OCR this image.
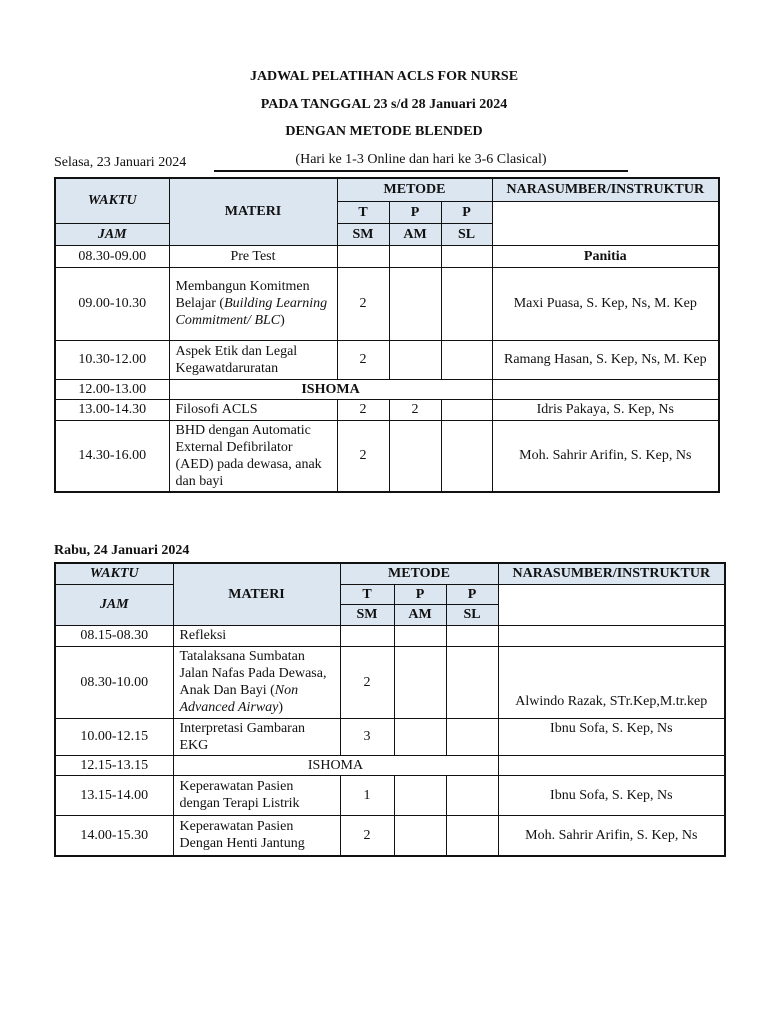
JADWAL PELATIHAN ACLS FOR NURSE
PADA TANGGAL 23 s/d 28 Januari 2024
DENGAN METODE BLENDED
Selasa, 23 Januari 2024	(Hari ke 1-3 Online dan hari ke 3-6 Clasical)
WAKTU	MATERI	METODE			NARASUMBER/INSTRUKTUR
		T	P	P	
JAM		SM	AM	SL	
08.30-09.00	Pre Test				Panitia
09.00-10.30	Membangun Komitmen Belajar (Building Learning Commitment/ BLC)	2			Maxi Puasa, S. Kep, Ns, M. Kep
10.30-12.00	Aspek Etik dan Legal Kegawatdaruratan	2			Ramang Hasan, S. Kep, Ns, M. Kep
12.00-13.00	ISHOMA				
13.00-14.30	Filosofi ACLS	2	2		Idris Pakaya, S. Kep, Ns
14.30-16.00	BHD dengan Automatic External Defibrilator (AED) pada dewasa, anak dan bayi	2			Moh. Sahrir Arifin, S. Kep, Ns
Rabu, 24 Januari 2024
WAKTU	MATERI	METODE			NARASUMBER/INSTRUKTUR
JAM		T	P	P	
		SM	AM	SL	
08.15-08.30	Refleksi				
08.30-10.00	Tatalaksana Sumbatan Jalan Nafas Pada Dewasa, Anak Dan Bayi (Non Advanced Airway)	2			Alwindo Razak, STr.Kep,M.tr.kep
10.00-12.15	Interpretasi Gambaran EKG	3			Ibnu Sofa, S. Kep, Ns
12.15-13.15	ISHOMA				
13.15-14.00	Keperawatan Pasien dengan Terapi Listrik	1			Ibnu Sofa, S. Kep, Ns
14.00-15.30	Keperawatan Pasien Dengan Henti Jantung	2			Moh. Sahrir Arifin, S. Kep, Ns
